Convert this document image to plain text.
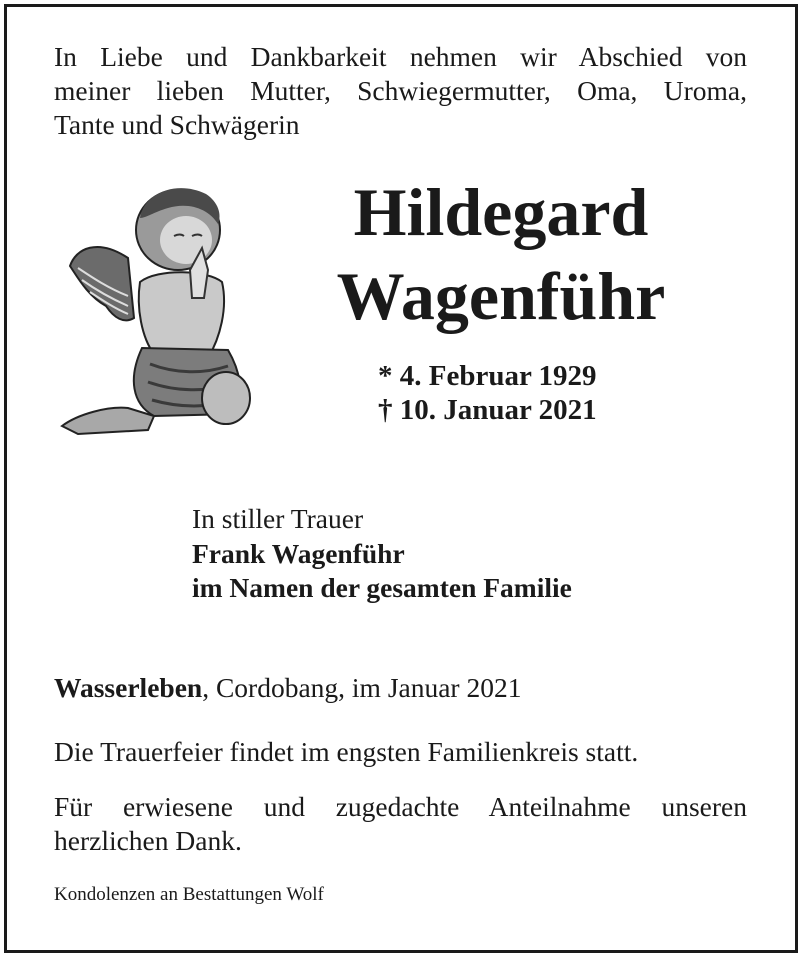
In Liebe und Dankbarkeit nehmen wir Abschied von
meiner lieben Mutter, Schwiegermutter, Oma, Uroma,
Tante und Schwägerin
Hildegard
Wagenführ
* 4. Februar 1929
† 10. Januar 2021
In stiller Trauer
Frank Wagenführ
im Namen der gesamten Familie
Wasserleben, Cordobang, im Januar 2021
Die Trauerfeier findet im engsten Familienkreis statt.
Für erwiesene und zugedachte Anteilnahme unseren
herzlichen Dank.
Kondolenzen an Bestattungen Wolf
